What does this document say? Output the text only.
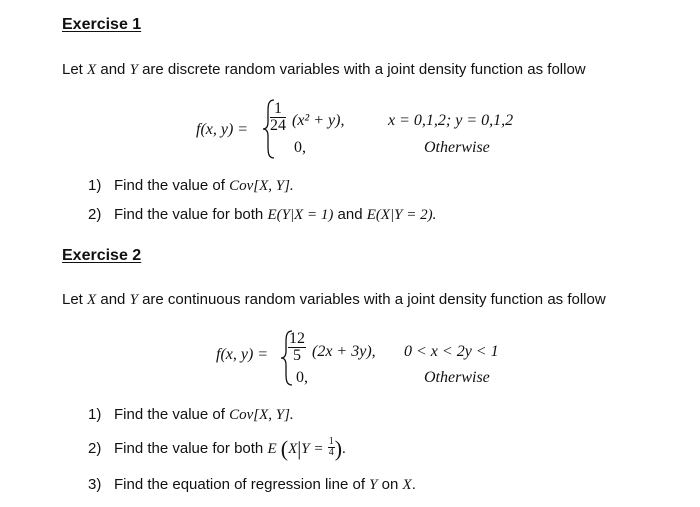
Exercise 1
Let X and Y are discrete random variables with a joint density function as follow
f(x, $y) = \frac{1}{24} (x^2 + y)$,	x = 0,1,2; y = 0,1,2
0,	Otherwise
1) Find the value of Cov[X, Y].
2) Find the value for both E(Y|X = 1) and E(X|Y = 2).
Exercise 2
Let X and Y are continuous random variables with a joint density function as follow
f(x, $y) = \frac{12}{5} (2x + 3y)$, 0 < x < 2y < 1
0,	Otherwise
1) Find the value of Cov[X, Y].
2) Find the value for both E ($X|Y = \frac{1}{4}$ ).
3) Find the equation of regression line of Y on X.
